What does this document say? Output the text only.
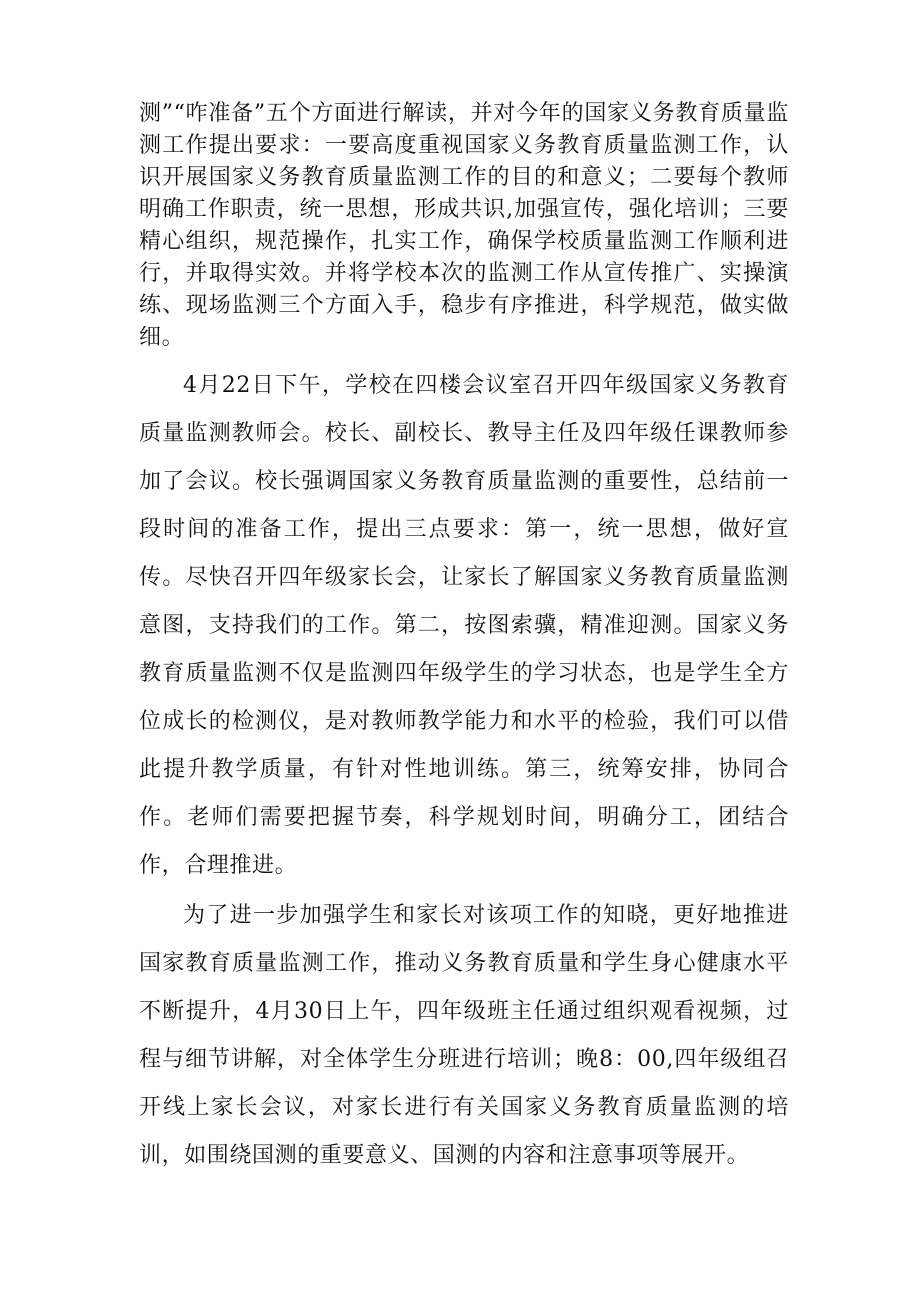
测”“咋准备”五个方面进行解读，并对今年的国家义务教育质量监测工作提出要求：一要高度重视国家义务教育质量监测工作，认识开展国家义务教育质量监测工作的目的和意义；二要每个教师明确工作职责，统一思想，形成共识,加强宣传，强化培训；三要精心组织，规范操作，扎实工作，确保学校质量监测工作顺利进行，并取得实效。并将学校本次的监测工作从宣传推广、实操演练、现场监测三个方面入手，稳步有序推进，科学规范，做实做细。

4月22日下午，学校在四楼会议室召开四年级国家义务教育质量监测教师会。校长、副校长、教导主任及四年级任课教师参加了会议。校长强调国家义务教育质量监测的重要性，总结前一段时间的准备工作，提出三点要求：第一，统一思想，做好宣传。尽快召开四年级家长会，让家长了解国家义务教育质量监测意图，支持我们的工作。第二，按图索骥，精准迎测。国家义务教育质量监测不仅是监测四年级学生的学习状态，也是学生全方位成长的检测仪，是对教师教学能力和水平的检验，我们可以借此提升教学质量，有针对性地训练。第三，统筹安排，协同合作。老师们需要把握节奏，科学规划时间，明确分工，团结合作，合理推进。

为了进一步加强学生和家长对该项工作的知晓，更好地推进国家教育质量监测工作，推动义务教育质量和学生身心健康水平不断提升，4月30日上午，四年级班主任通过组织观看视频，过程与细节讲解，对全体学生分班进行培训；晚8：00,四年级组召开线上家长会议，对家长进行有关国家义务教育质量监测的培训，如围绕国测的重要意义、国测的内容和注意事项等展开。
